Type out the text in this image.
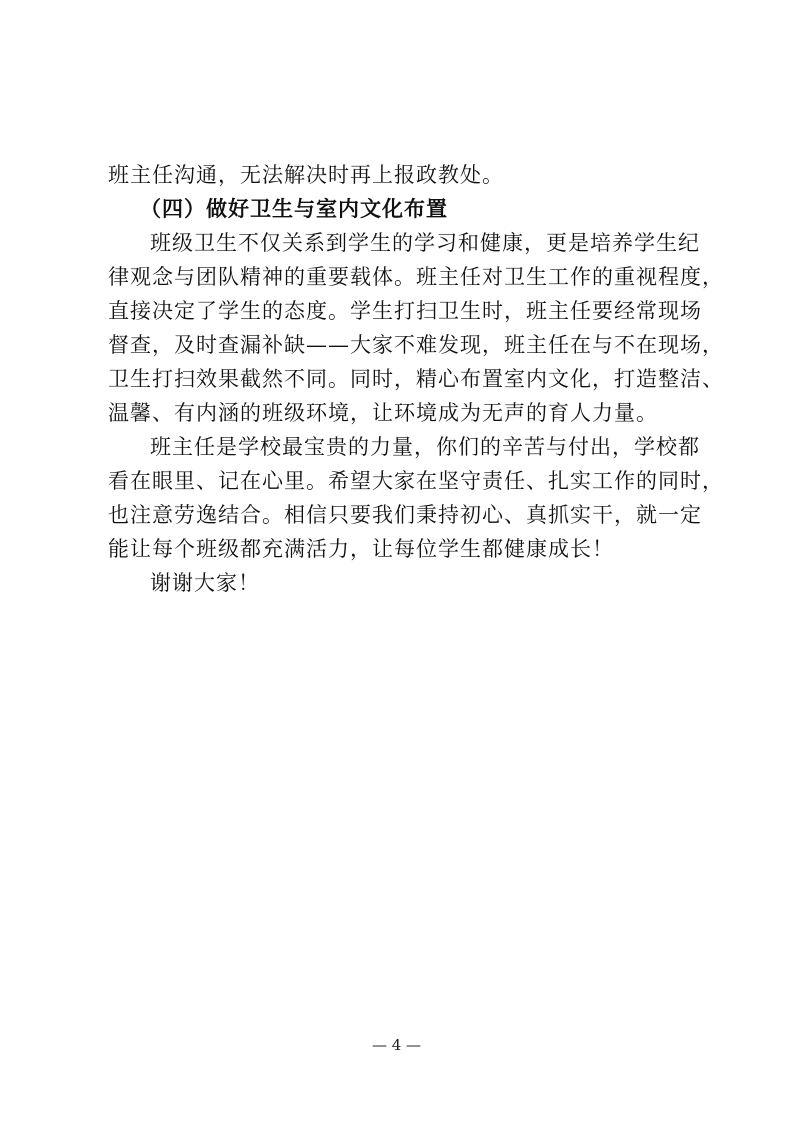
班主任沟通，无法解决时再上报政教处。
（四）做好卫生与室内文化布置
班级卫生不仅关系到学生的学习和健康，更是培养学生纪
律观念与团队精神的重要载体。班主任对卫生工作的重视程度，
直接决定了学生的态度。学生打扫卫生时，班主任要经常现场
督查，及时查漏补缺——大家不难发现，班主任在与不在现场，
卫生打扫效果截然不同。同时，精心布置室内文化，打造整洁、
温馨、有内涵的班级环境，让环境成为无声的育人力量。
班主任是学校最宝贵的力量，你们的辛苦与付出，学校都
看在眼里、记在心里。希望大家在坚守责任、扎实工作的同时，
也注意劳逸结合。相信只要我们秉持初心、真抓实干，就一定
能让每个班级都充满活力，让每位学生都健康成长！
谢谢大家！
— 4 —
